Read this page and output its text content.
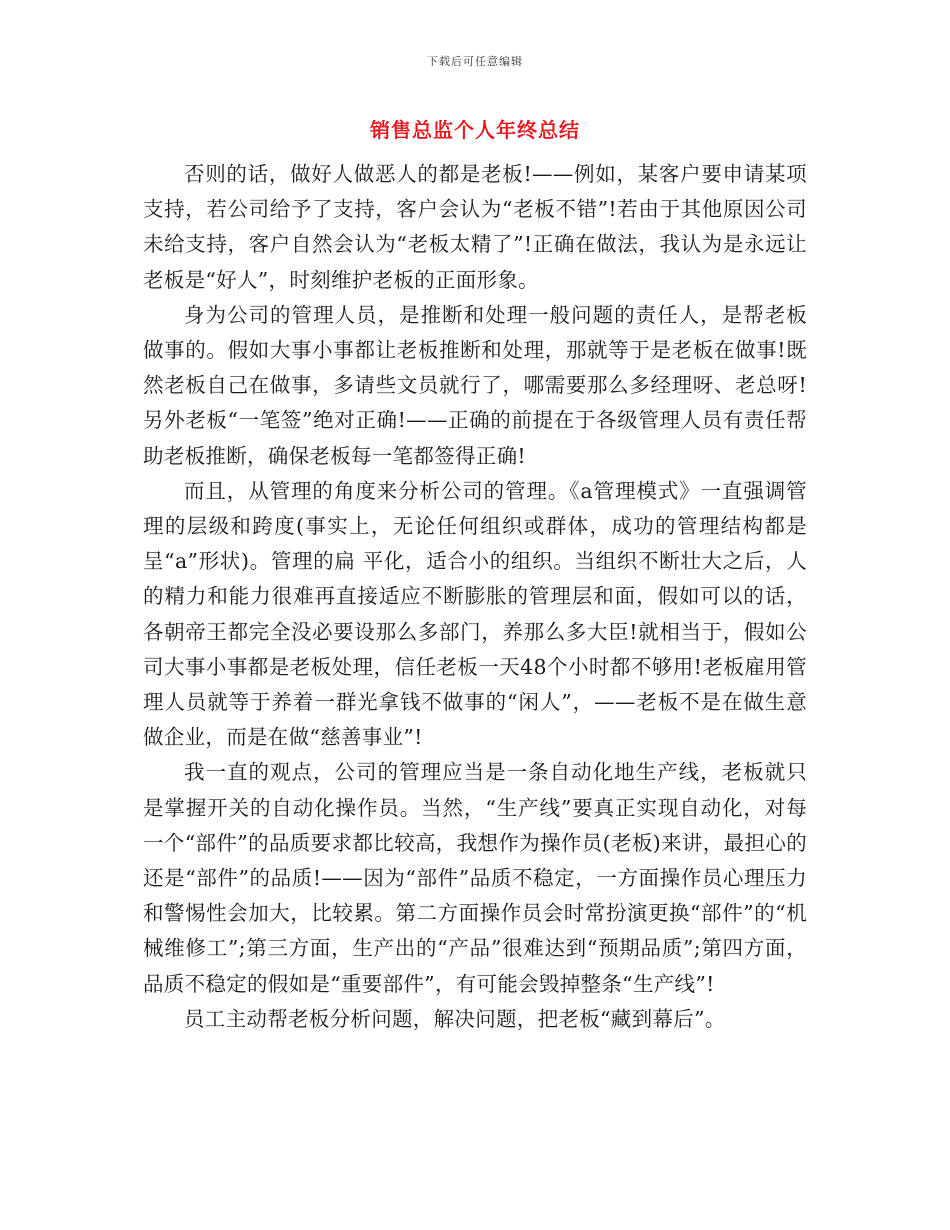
下载后可任意编辑
销售总监个人年终总结

否则的话，做好人做恶人的都是老板!——例如，某客户要申请某项支持，若公司给予了支持，客户会认为“老板不错”!若由于其他原因公司未给支持，客户自然会认为“老板太精了”!正确在做法，我认为是永远让老板是“好人”，时刻维护老板的正面形象。

身为公司的管理人员，是推断和处理一般问题的责任人，是帮老板做事的。假如大事小事都让老板推断和处理，那就等于是老板在做事!既然老板自己在做事，多请些文员就行了，哪需要那么多经理呀、老总呀!另外老板“一笔签”绝对正确!——正确的前提在于各级管理人员有责任帮助老板推断，确保老板每一笔都签得正确!

而且，从管理的角度来分析公司的管理。《a管理模式》一直强调管理的层级和跨度(事实上，无论任何组织或群体，成功的管理结构都是呈“a”形状)。管理的扁 平化，适合小的组织。当组织不断壮大之后，人的精力和能力很难再直接适应不断膨胀的管理层和面，假如可以的话，各朝帝王都完全没必要设那么多部门，养那么多大臣!就相当于，假如公司大事小事都是老板处理，信任老板一天48个小时都不够用!老板雇用管理人员就等于养着一群光拿钱不做事的“闲人”，——老板不是在做生意做企业，而是在做“慈善事业”!

我一直的观点，公司的管理应当是一条自动化地生产线，老板就只是掌握开关的自动化操作员。当然，“生产线”要真正实现自动化，对每一个“部件”的品质要求都比较高，我想作为操作员(老板)来讲，最担心的还是“部件”的品质!——因为“部件”品质不稳定，一方面操作员心理压力和警惕性会加大，比较累。第二方面操作员会时常扮演更换“部件”的“机械维修工”;第三方面，生产出的“产品”很难达到“预期品质”;第四方面，品质不稳定的假如是“重要部件”，有可能会毁掉整条“生产线”!

员工主动帮老板分析问题，解决问题，把老板“藏到幕后”。
